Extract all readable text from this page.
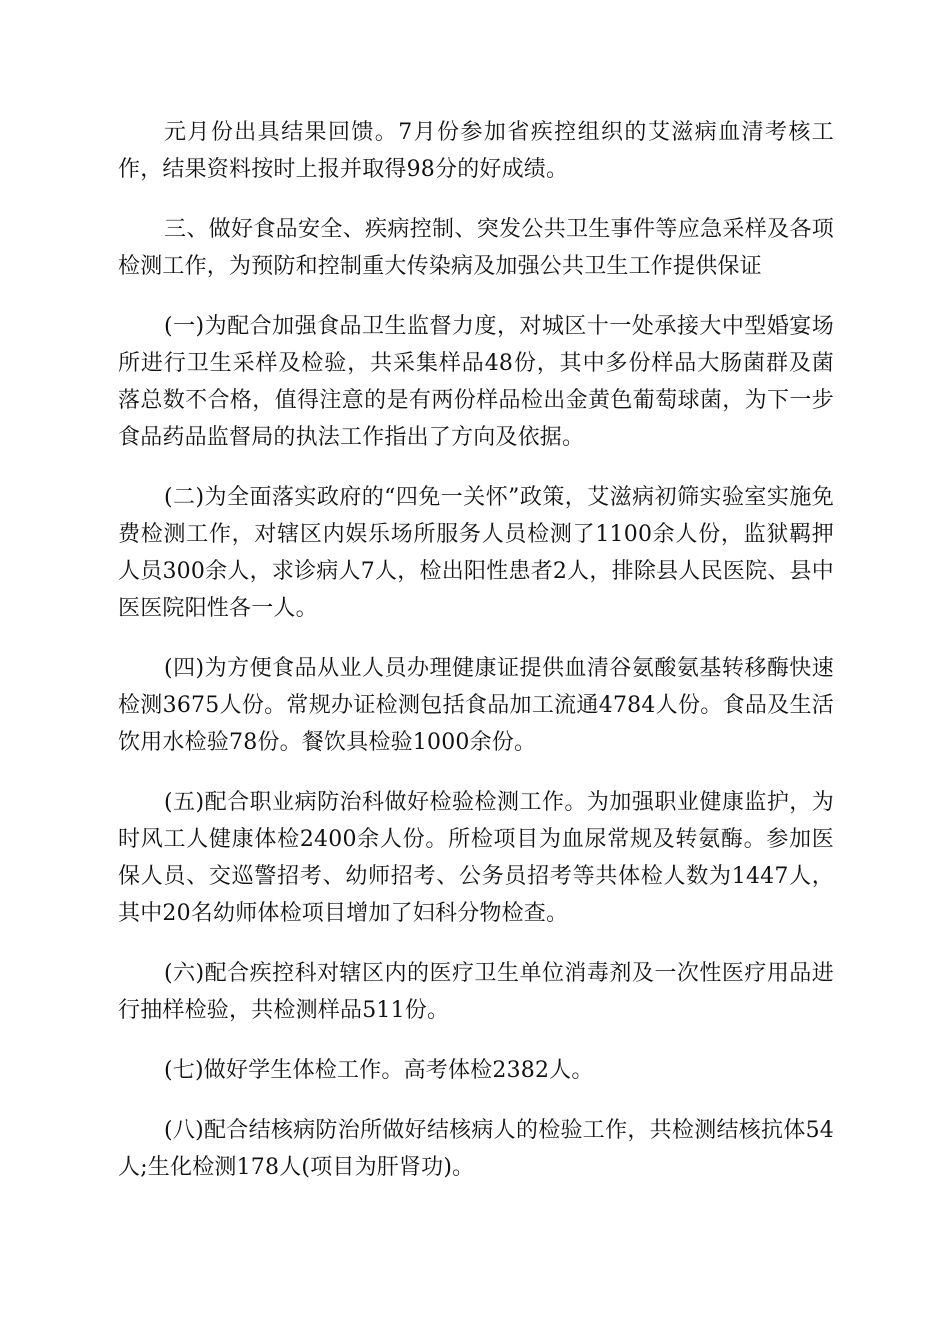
元月份出具结果回馈。7月份参加省疾控组织的艾滋病血清考核工作，结果资料按时上报并取得98分的好成绩。

三、做好食品安全、疾病控制、突发公共卫生事件等应急采样及各项检测工作，为预防和控制重大传染病及加强公共卫生工作提供保证

(一)为配合加强食品卫生监督力度，对城区十一处承接大中型婚宴场所进行卫生采样及检验，共采集样品48份，其中多份样品大肠菌群及菌落总数不合格，值得注意的是有两份样品检出金黄色葡萄球菌，为下一步食品药品监督局的执法工作指出了方向及依据。

(二)为全面落实政府的“四免一关怀”政策，艾滋病初筛实验室实施免费检测工作，对辖区内娱乐场所服务人员检测了1100余人份，监狱羁押人员300余人，求诊病人7人，检出阳性患者2人，排除县人民医院、县中医医院阳性各一人。

(四)为方便食品从业人员办理健康证提供血清谷氨酸氨基转移酶快速检测3675人份。常规办证检测包括食品加工流通4784人份。食品及生活饮用水检验78份。餐饮具检验1000余份。

(五)配合职业病防治科做好检验检测工作。为加强职业健康监护，为时风工人健康体检2400余人份。所检项目为血尿常规及转氨酶。参加医保人员、交巡警招考、幼师招考、公务员招考等共体检人数为1447人，其中20名幼师体检项目增加了妇科分物检查。

(六)配合疾控科对辖区内的医疗卫生单位消毒剂及一次性医疗用品进行抽样检验，共检测样品511份。

(七)做好学生体检工作。高考体检2382人。

(八)配合结核病防治所做好结核病人的检验工作，共检测结核抗体54人;生化检测178人(项目为肝肾功)。
